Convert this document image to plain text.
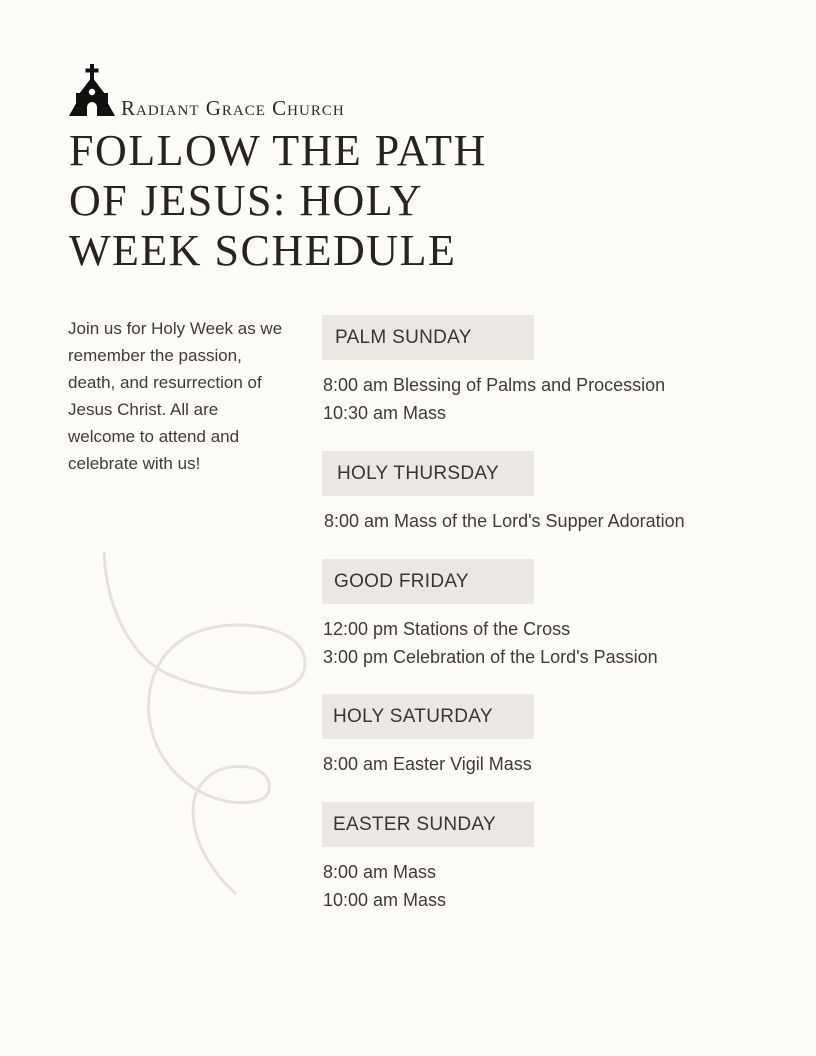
Radiant Grace Church
FOLLOW THE PATH OF JESUS: HOLY WEEK SCHEDULE

Join us for Holy Week as we remember the passion, death, and resurrection of Jesus Christ. All are welcome to attend and celebrate with us!

PALM SUNDAY
8:00 am Blessing of Palms and Procession
10:30 am Mass
HOLY THURSDAY
8:00 am Mass of the Lord's Supper Adoration
GOOD FRIDAY
12:00 pm Stations of the Cross
3:00 pm Celebration of the Lord's Passion
HOLY SATURDAY
8:00 am Easter Vigil Mass
EASTER SUNDAY
8:00 am Mass
10:00 am Mass
